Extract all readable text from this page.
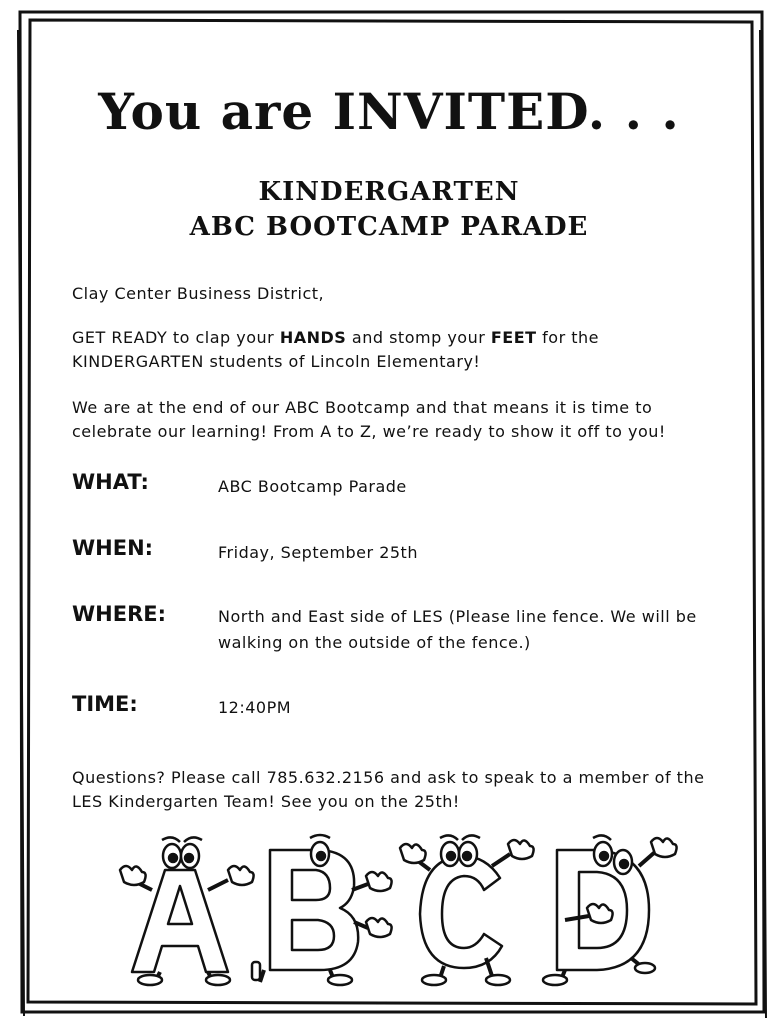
You are INVITED. . .
KINDERGARTEN
ABC BOOTCAMP PARADE

Clay Center Business District,

GET READY to clap your HANDS and stomp your FEET for the KINDERGARTEN students of Lincoln Elementary!

We are at the end of our ABC Bootcamp and that means it is time to celebrate our learning! From A to Z, we’re ready to show it off to you!

WHAT:	ABC Bootcamp Parade

WHEN:	Friday, September 25th

WHERE:	North and East side of LES (Please line fence. We will be walking on the outside of the fence.)

TIME:	12:40PM

Questions? Please call 785.632.2156 and ask to speak to a member of the LES Kindergarten Team! See you on the 25th!
